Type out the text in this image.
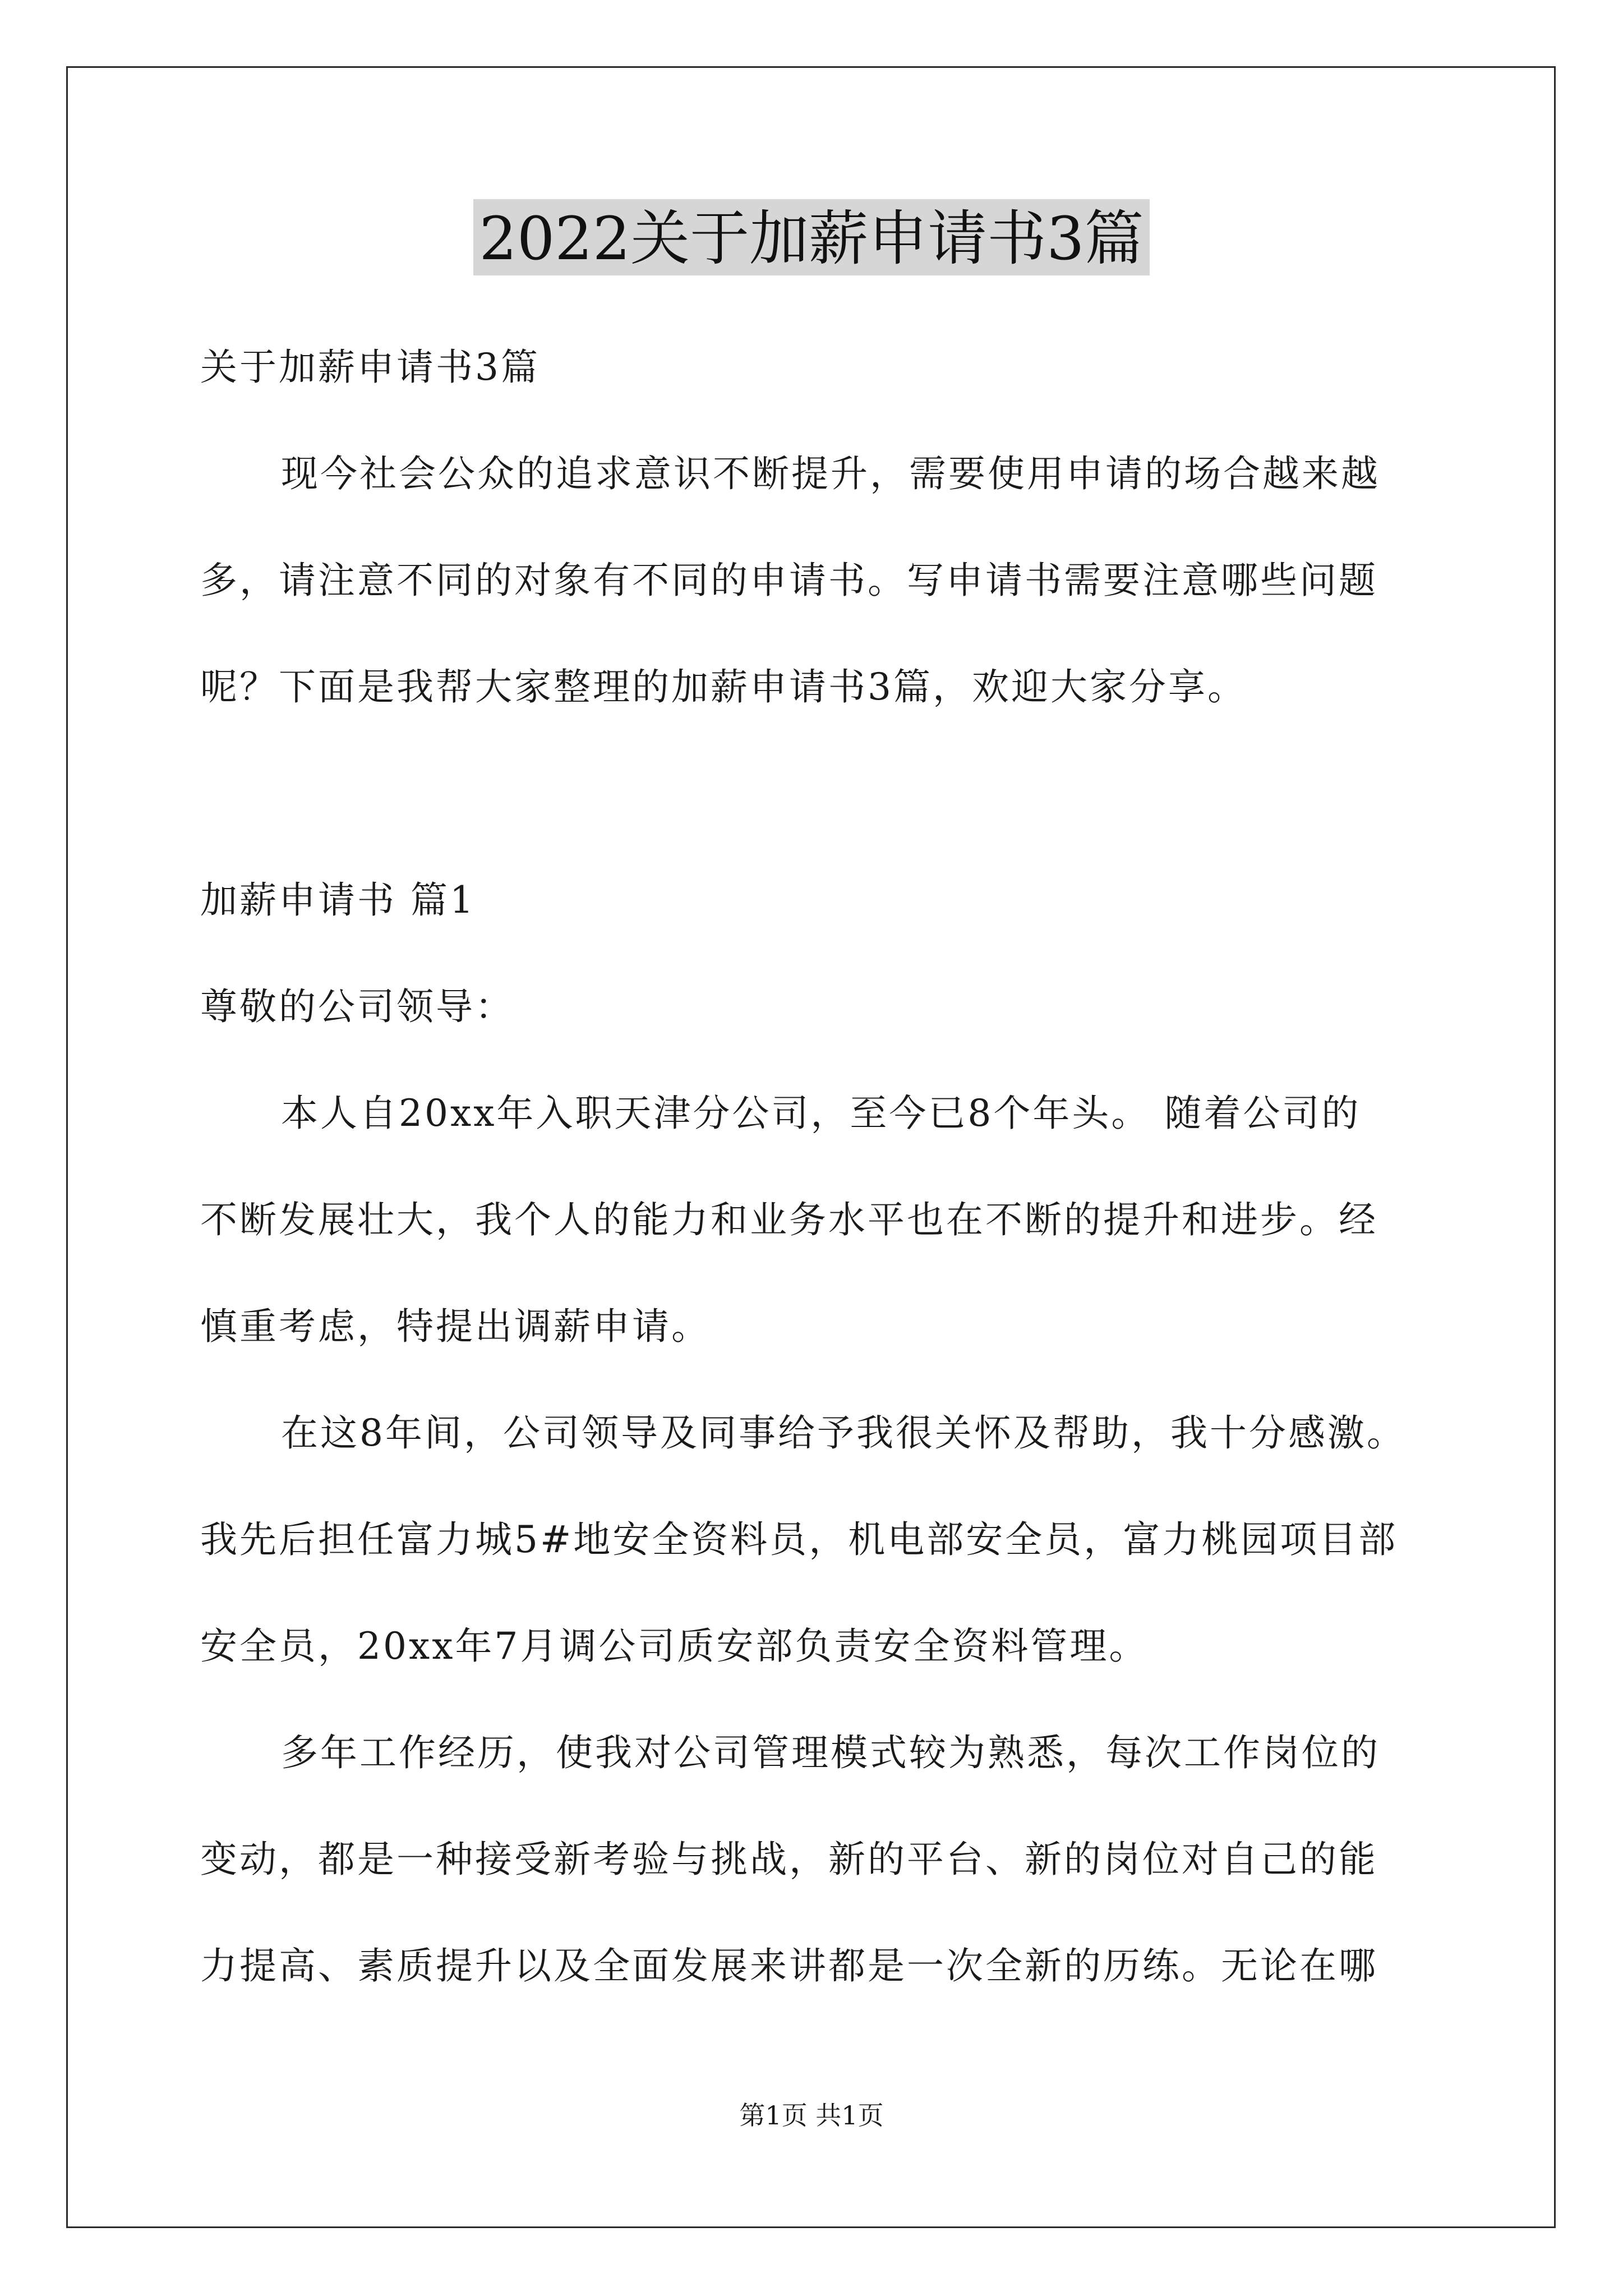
2022关于加薪申请书3篇
关于加薪申请书3篇
现今社会公众的追求意识不断提升，需要使用申请的场合越来越
多，请注意不同的对象有不同的申请书。写申请书需要注意哪些问题
呢？下面是我帮大家整理的加薪申请书3篇，欢迎大家分享。
加薪申请书 篇1
尊敬的公司领导：
本人自20xx年入职天津分公司，至今已8个年头。 随着公司的
不断发展壮大，我个人的能力和业务水平也在不断的提升和进步。经
慎重考虑，特提出调薪申请。
在这8年间，公司领导及同事给予我很关怀及帮助，我十分感激。
我先后担任富力城5#地安全资料员，机电部安全员，富力桃园项目部
安全员，20xx年7月调公司质安部负责安全资料管理。
多年工作经历，使我对公司管理模式较为熟悉，每次工作岗位的
变动，都是一种接受新考验与挑战，新的平台、新的岗位对自己的能
力提高、素质提升以及全面发展来讲都是一次全新的历练。无论在哪
第1页 共1页
